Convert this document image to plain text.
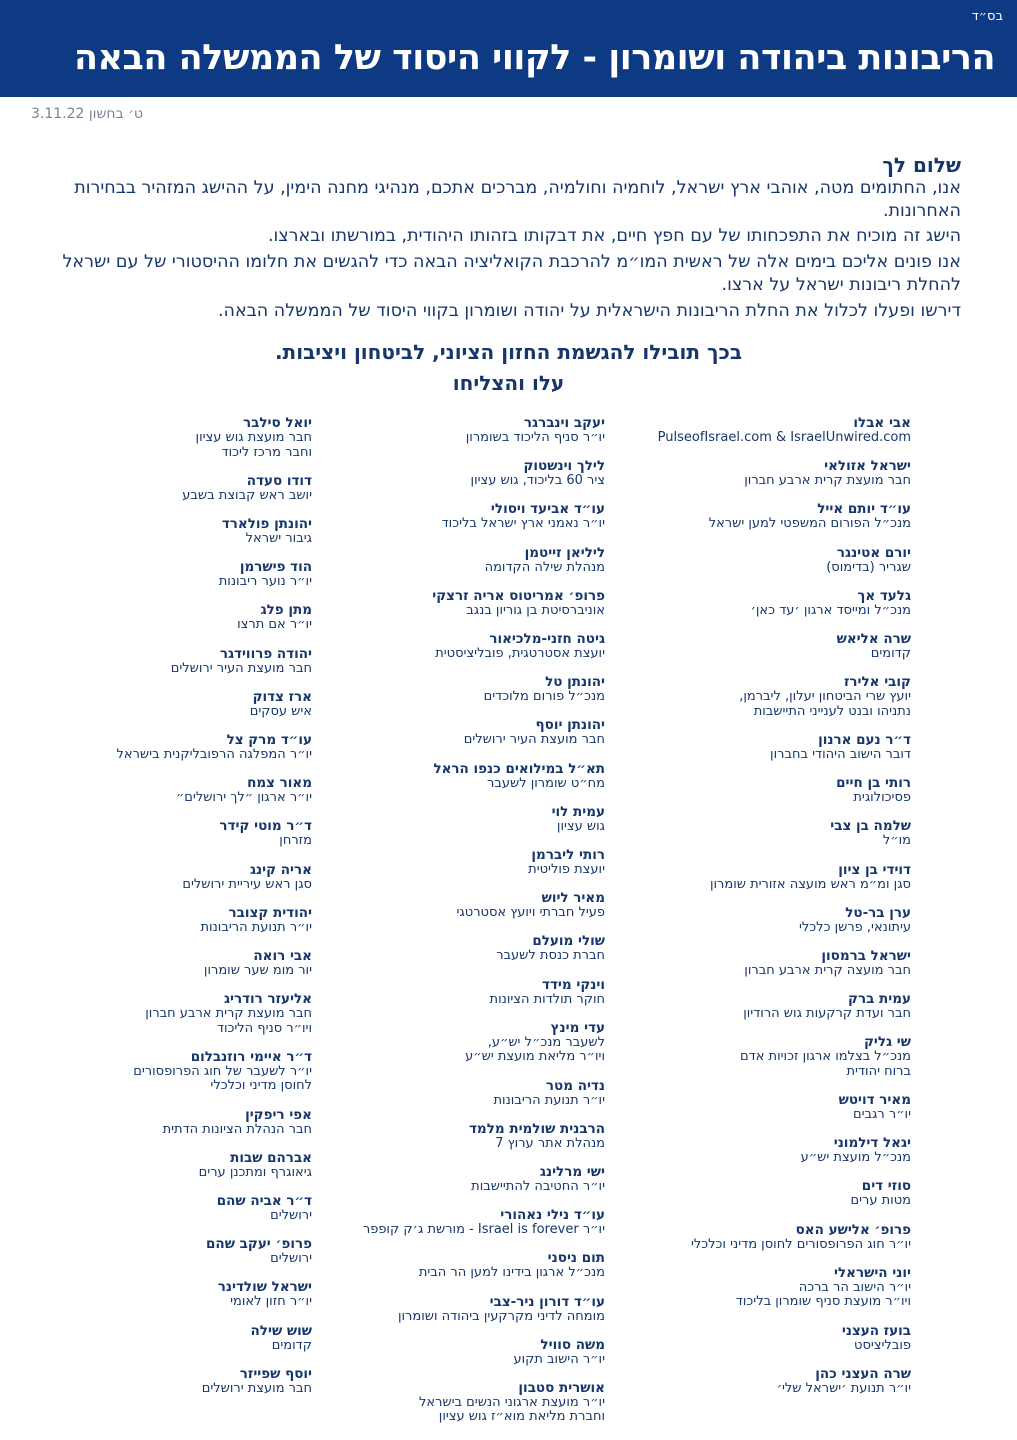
בס״ד
הריבונות ביהודה ושומרון - לקווי היסוד של הממשלה הבאה
ט׳ בחשון 3.11.22
שלום לך

אנו, החתומים מטה, אוהבי ארץ ישראל, לוחמיה וחולמיה, מברכים אתכם, מנהיגי מחנה הימין, על ההישג המזהיר בבחירות האחרונות.

הישג זה מוכיח את התפכחותו של עם חפץ חיים, את דבקותו בזהותו היהודית, במורשתו ובארצו.

אנו פונים אליכם בימים אלה של ראשית המו״מ להרכבת הקואליציה הבאה כדי להגשים את חלומו ההיסטורי של עם ישראל להחלת ריבונות ישראל על ארצו.

דירשו ופעלו לכלול את החלת הריבונות הישראלית על יהודה ושומרון בקווי היסוד של הממשלה הבאה.

בכך תובילו להגשמת החזון הציוני, לביטחון ויציבות.
עלו והצליחו
אבי אבלו
PulseofIsrael.com & IsraelUnwired.com
ישראל אזולאי
חבר מועצת קרית ארבע חברון
עו״ד יותם אייל
מנכ״ל הפורום המשפטי למען ישראל
יורם אטינגר
שגריר (בדימוס)
גלעד אך
מנכ״ל ומייסד ארגון ׳עד כאן׳
שרה אליאש
קדומים
קובי אלירז
יועץ שרי הביטחון יעלון, ליברמן,
נתניהו ובנט לענייני התיישבות
ד״ר נעם ארנון
דובר הישוב היהודי בחברון
רותי בן חיים
פסיכולוגית
שלמה בן צבי
מו״ל
דוידי בן ציון
סגן ומ״מ ראש מועצה אזורית שומרון
ערן בר-טל
עיתונאי, פרשן כלכלי
ישראל ברמסון
חבר מועצה קרית ארבע חברון
עמית ברק
חבר ועדת קרקעות גוש הרודיון
שי גליק
מנכ״ל בצלמו ארגון זכויות אדם
ברוח יהודית
מאיר דויטש
יו״ר רגבים
יגאל דילמוני
מנכ״ל מועצת יש״ע
סוזי דים
מטות ערים
פרופ׳ אלישע האס
יו״ר חוג הפרופסורים לחוסן מדיני וכלכלי
יוני הישראלי
יו״ר הישוב הר ברכה
ויו״ר מועצת סניף שומרון בליכוד
בועז העצני
פובליציסט
שרה העצני כהן
יו״ר תנועת ׳ישראל שלי׳
יעקב וינברגר
יו״ר סניף הליכוד בשומרון
לילך וינשטוק
ציר 60 בליכוד, גוש עציון
עו״ד אביעד ויסולי
יו״ר נאמני ארץ ישראל בליכוד
ליליאן זייטמן
מנהלת שילה הקדומה
פרופ׳ אמריטוס אריה זרצקי
אוניברסיטת בן גוריון בנגב
גיטה חזני-מלכיאור
יועצת אסטרטגית, פובליציסטית
יהונתן טל
מנכ״ל פורום מלוכדים
יהונתן יוסף
חבר מועצת העיר ירושלים
תא״ל במילואים כנפו הראל
מח״ט שומרון לשעבר
עמית לוי
גוש עציון
רותי ליברמן
יועצת פוליטית
מאיר ליוש
פעיל חברתי ויועץ אסטרטגי
שולי מועלם
חברת כנסת לשעבר
וינקי מידד
חוקר תולדות הציונות
עדי מינץ
לשעבר מנכ״ל יש״ע,
ויו״ר מליאת מועצת יש״ע
נדיה מטר
יו״ר תנועת הריבונות
הרבנית שולמית מלמד
מנהלת אתר ערוץ 7
ישי מרלינג
יו״ר החטיבה להתיישבות
עו״ד נילי נאהורי
יו״ר Israel is forever - מורשת ג׳ק קופפר
תום ניסני
מנכ״ל ארגון בידינו למען הר הבית
עו״ד דורון ניר-צבי
מומחה לדיני מקרקעין ביהודה ושומרון
משה סוויל
יו״ר הישוב תקוע
אושרית סטבון
יו״ר מועצת ארגוני הנשים בישראל
וחברת מליאת מוא״ז גוש עציון
יואל סילבר
חבר מועצת גוש עציון
וחבר מרכז ליכוד
דודו סעדה
יושב ראש קבוצת בשבע
יהונתן פולארד
גיבור ישראל
הוד פישרמן
יו״ר נוער ריבונות
מתן פלג
יו״ר אם תרצו
יהודה פרווידגר
חבר מועצת העיר ירושלים
ארז צדוק
איש עסקים
עו״ד מרק צל
יו״ר המפלגה הרפובליקנית בישראל
מאור צמח
יו״ר ארגון ״לך ירושלים״
ד״ר מוטי קידר
מזרחן
אריה קינג
סגן ראש עיריית ירושלים
יהודית קצובר
יו״ר תנועת הריבונות
אבי רואה
יור מומ שער שומרון
אליעזר רודריג
חבר מועצת קרית ארבע חברון
ויו״ר סניף הליכוד
ד״ר איימי רוזנבלום
יו״ר לשעבר של חוג הפרופסורים
לחוסן מדיני וכלכלי
אפי ריפקין
חבר הנהלת הציונות הדתית
אברהם שבות
גיאוגרף ומתכנן ערים
ד״ר אביה שהם
ירושלים
פרופ׳ יעקב שהם
ירושלים
ישראל שולדינר
יו״ר חזון לאומי
שוש שילה
קדומים
יוסף שפייזר
חבר מועצת ירושלים
